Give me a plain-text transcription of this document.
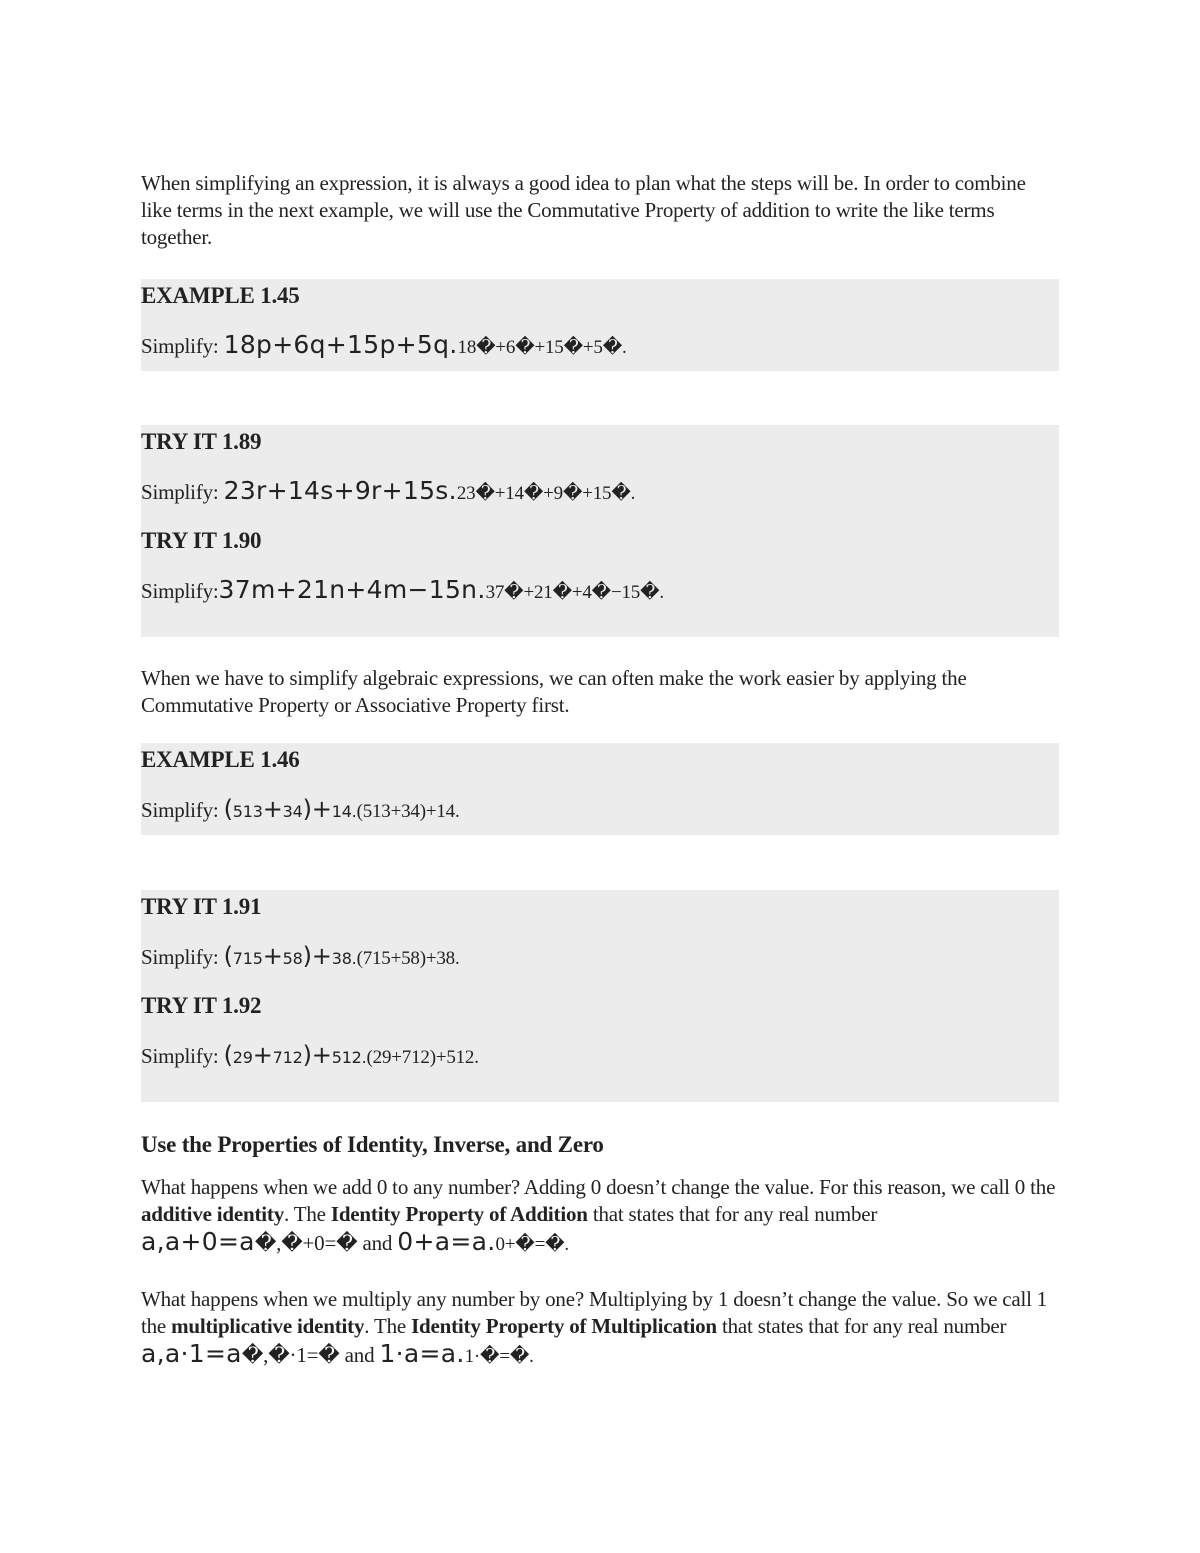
When simplifying an expression, it is always a good idea to plan what the steps will be. In order to combine like terms in the next example, we will use the Commutative Property of addition to write the like terms together.

EXAMPLE 1.45
Simplify: 18p+6q+15p+5q.18�+6�+15�+5�.
TRY IT 1.89
Simplify: 23r+14s+9r+15s.23�+14�+9�+15�.
TRY IT 1.90
Simplify:37m+21n+4m−15n.37�+21�+4�−15�.

When we have to simplify algebraic expressions, we can often make the work easier by applying the Commutative Property or Associative Property first.

EXAMPLE 1.46
Simplify: (513+34)+14.(513+34)+14.
TRY IT 1.91
Simplify: (715+58)+38.(715+58)+38.
TRY IT 1.92
Simplify: (29+712)+512.(29+712)+512.
Use the Properties of Identity, Inverse, and Zero

What happens when we add 0 to any number? Adding 0 doesn’t change the value. For this reason, we call 0 the additive identity. The Identity Property of Addition that states that for any real number a,a+0=a�,�+0=� and 0+a=a.0+�=�.

What happens when we multiply any number by one? Multiplying by 1 doesn’t change the value. So we call 1 the multiplicative identity. The Identity Property of Multiplication that states that for any real number a,a·1=a�,�·1=� and 1·a=a.1·�=�.
